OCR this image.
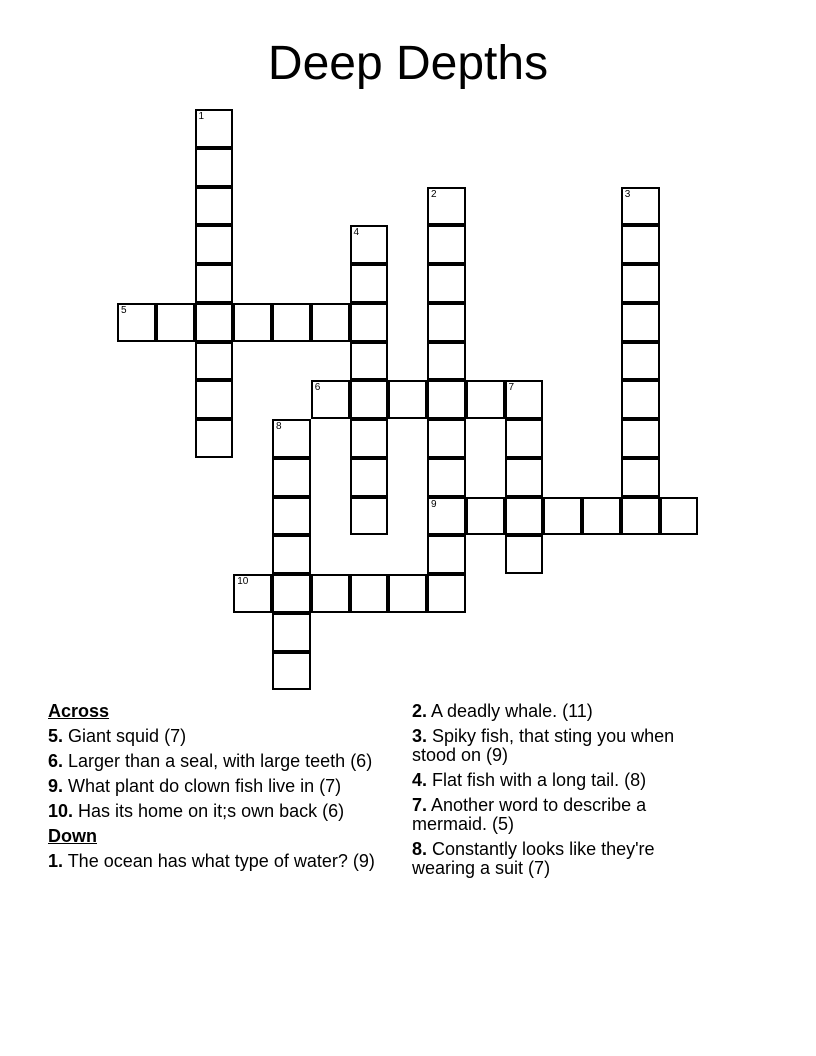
Deep Depths
1
2
9
3
4
5
6	7
8
10
Across
5. Giant squid (7)
6. Larger than a seal, with large teeth (6)
9. What plant do clown fish live in (7)
10. Has its home on it;s own back (6)
Down
1. The ocean has what type of water? (9)
2. A deadly whale. (11)
3. Spiky fish, that sting you when stood on (9)
4. Flat fish with a long tail. (8)
7. Another word to describe a mermaid. (5)
8. Constantly looks like they're wearing a suit (7)
